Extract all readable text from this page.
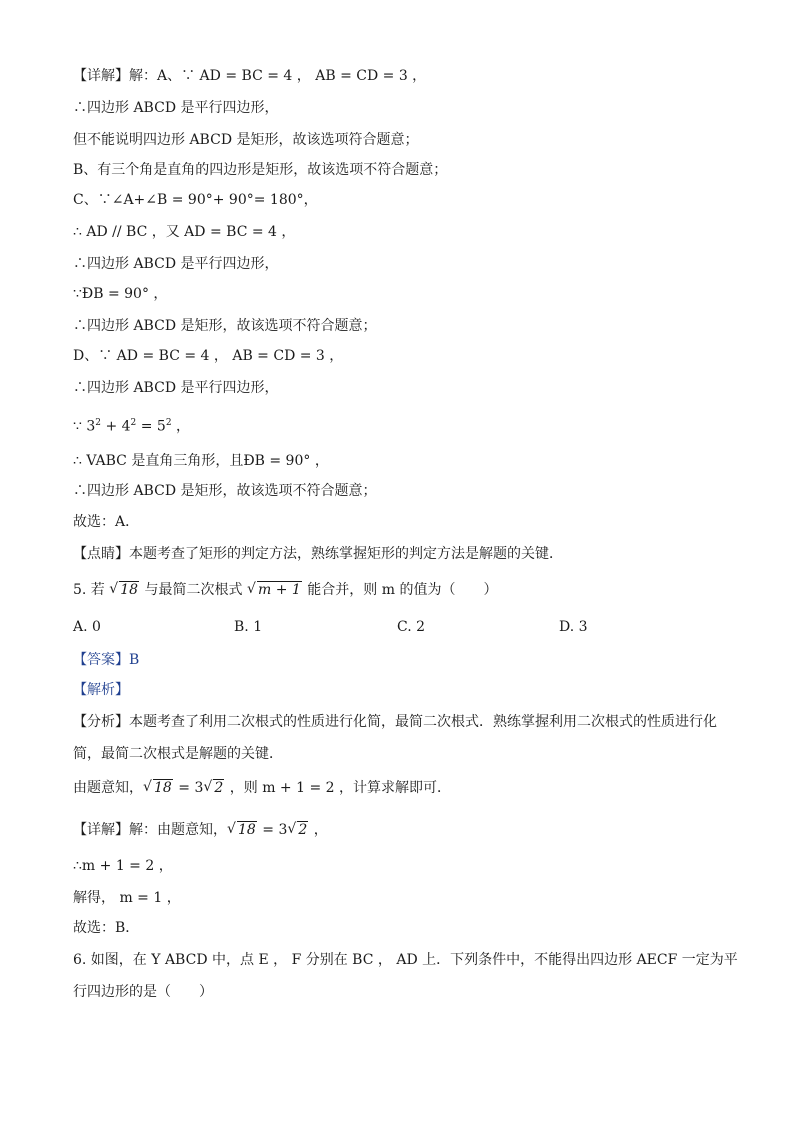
【详解】解：A、∵ AD = BC = 4 ， AB = CD = 3 ，
∴四边形 ABCD 是平行四边形，
但不能说明四边形 ABCD 是矩形，故该选项符合题意；
B、有三个角是直角的四边形是矩形，故该选项不符合题意；
C、∵∠A+∠B = 90°+ 90°= 180°，
∴ AD // BC ，又 AD = BC = 4 ，
∴四边形 ABCD 是平行四边形，
∵ÐB = 90° ，
∴四边形 ABCD 是矩形，故该选项不符合题意；
D、∵ AD = BC = 4 ， AB = CD = 3 ，
∴四边形 ABCD 是平行四边形，
∵ $3^2 + 4^2 = 5^2$ ，
∴ VABC 是直角三角形，且ÐB = 90° ，
∴四边形 ABCD 是矩形，故该选项不符合题意；
故选：A．
【点睛】本题考查了矩形的判定方法，熟练掌握矩形的判定方法是解题的关键．
5. 若 √ 18 与最简二次根式 √ m + 1 能合并，则 m 的值为（　　）
A. 0	B. 1	C. 2	D. 3
【答案】B
【解析】
【分析】本题考查了利用二次根式的性质进行化简，最简二次根式．熟练掌握利用二次根式的性质进行化
简，最简二次根式是解题的关键．
由题意知， √ 18 = 3 √ 2 ，则 m + 1 = 2 ，计算求解即可．
【详解】解：由题意知， √ 18 = 3 √ 2 ，
∴m + 1 = 2 ，
解得， m = 1 ，
故选：B．
6. 如图，在 Y ABCD 中，点 E ， F 分别在 BC ， AD 上．下列条件中，不能得出四边形 AECF 一定为平
行四边形的是（　　）
